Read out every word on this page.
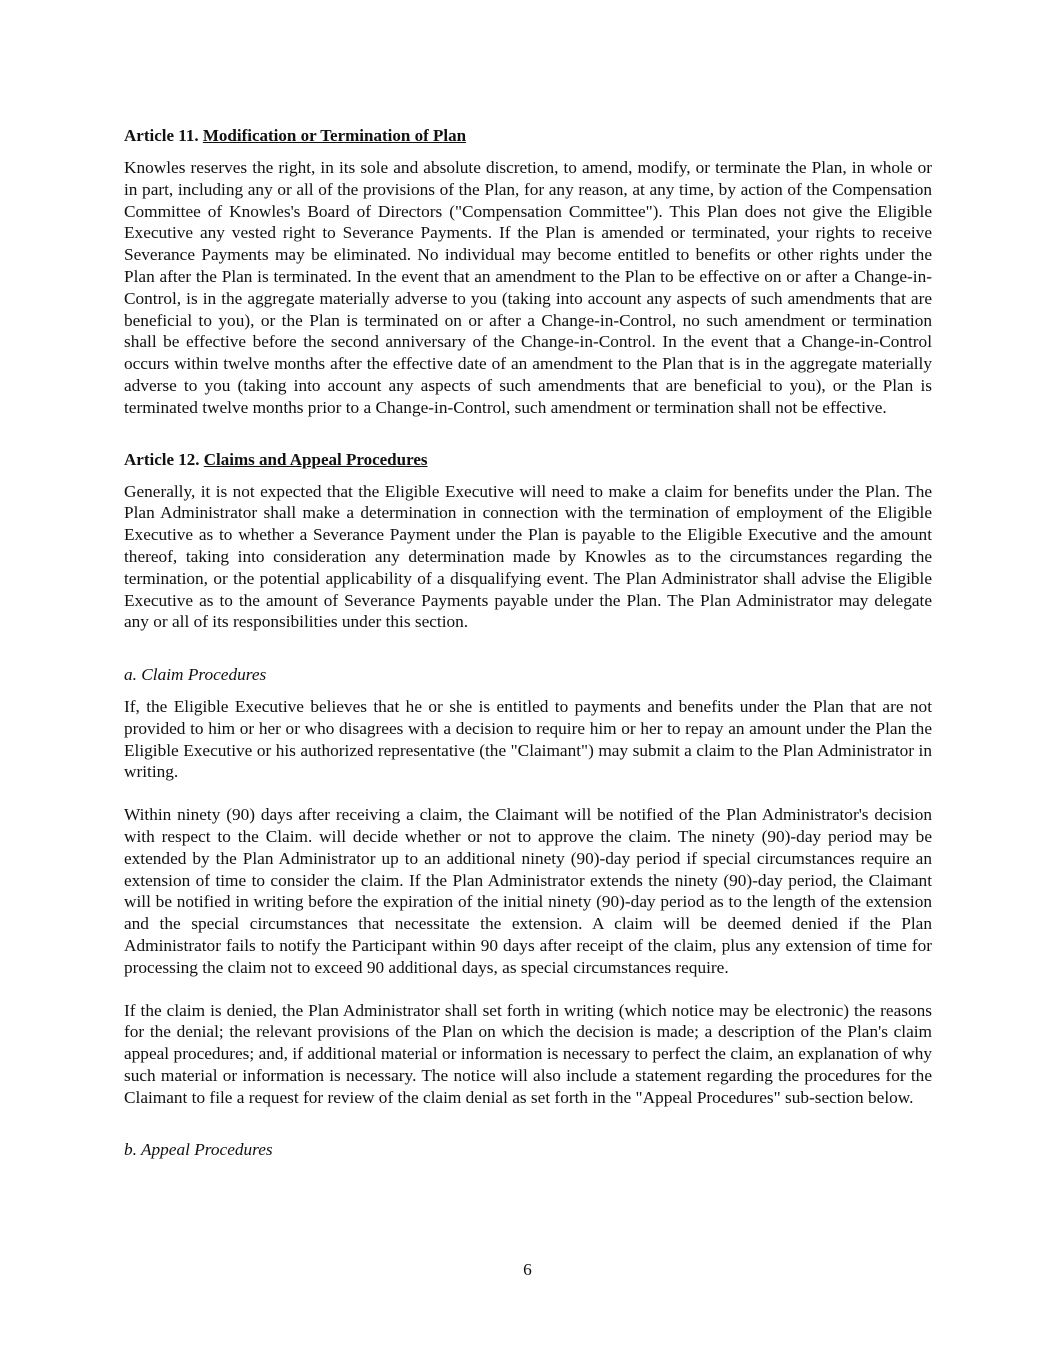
Article 11. Modification or Termination of Plan

Knowles reserves the right, in its sole and absolute discretion, to amend, modify, or terminate the Plan, in whole or in part, including any or all of the provisions of the Plan, for any reason, at any time, by action of the Compensation Committee of Knowles's Board of Directors ("Compensation Committee"). This Plan does not give the Eligible Executive any vested right to Severance Payments. If the Plan is amended or terminated, your rights to receive Severance Payments may be eliminated. No individual may become entitled to benefits or other rights under the Plan after the Plan is terminated. In the event that an amendment to the Plan to be effective on or after a Change-in-Control, is in the aggregate materially adverse to you (taking into account any aspects of such amendments that are beneficial to you), or the Plan is terminated on or after a Change-in-Control, no such amendment or termination shall be effective before the second anniversary of the Change-in-Control. In the event that a Change-in-Control occurs within twelve months after the effective date of an amendment to the Plan that is in the aggregate materially adverse to you (taking into account any aspects of such amendments that are beneficial to you), or the Plan is terminated twelve months prior to a Change-in-Control, such amendment or termination shall not be effective.

Article 12. Claims and Appeal Procedures

Generally, it is not expected that the Eligible Executive will need to make a claim for benefits under the Plan. The Plan Administrator shall make a determination in connection with the termination of employment of the Eligible Executive as to whether a Severance Payment under the Plan is payable to the Eligible Executive and the amount thereof, taking into consideration any determination made by Knowles as to the circumstances regarding the termination, or the potential applicability of a disqualifying event. The Plan Administrator shall advise the Eligible Executive as to the amount of Severance Payments payable under the Plan. The Plan Administrator may delegate any or all of its responsibilities under this section.

a. Claim Procedures

If, the Eligible Executive believes that he or she is entitled to payments and benefits under the Plan that are not provided to him or her or who disagrees with a decision to require him or her to repay an amount under the Plan the Eligible Executive or his authorized representative (the "Claimant") may submit a claim to the Plan Administrator in writing.

Within ninety (90) days after receiving a claim, the Claimant will be notified of the Plan Administrator's decision with respect to the Claim. will decide whether or not to approve the claim. The ninety (90)-day period may be extended by the Plan Administrator up to an additional ninety (90)-day period if special circumstances require an extension of time to consider the claim. If the Plan Administrator extends the ninety (90)-day period, the Claimant will be notified in writing before the expiration of the initial ninety (90)-day period as to the length of the extension and the special circumstances that necessitate the extension. A claim will be deemed denied if the Plan Administrator fails to notify the Participant within 90 days after receipt of the claim, plus any extension of time for processing the claim not to exceed 90 additional days, as special circumstances require.

If the claim is denied, the Plan Administrator shall set forth in writing (which notice may be electronic) the reasons for the denial; the relevant provisions of the Plan on which the decision is made; a description of the Plan's claim appeal procedures; and, if additional material or information is necessary to perfect the claim, an explanation of why such material or information is necessary. The notice will also include a statement regarding the procedures for the Claimant to file a request for review of the claim denial as set forth in the "Appeal Procedures" sub-section below.

b. Appeal Procedures
6
